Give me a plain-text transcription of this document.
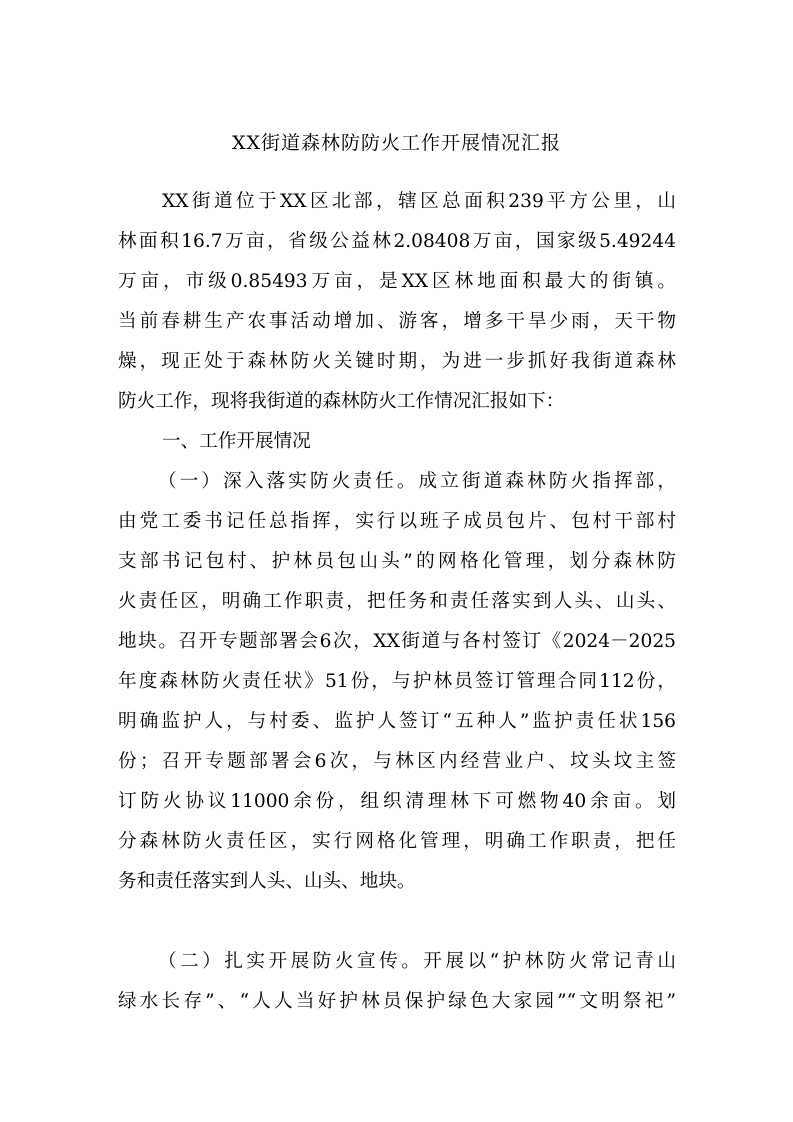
XX街道森林防防火工作开展情况汇报
XX街道位于XX区北部，辖区总面积239平方公里，山
林面积16.7万亩，省级公益林2.08408万亩，国家级5.49244
万亩，市级0.85493万亩，是XX区林地面积最大的街镇。
当前春耕生产农事活动增加、游客，增多干旱少雨，天干物
燥，现正处于森林防火关键时期，为进一步抓好我街道森林
防火工作，现将我街道的森林防火工作情况汇报如下：
一、工作开展情况
（一）深入落实防火责任。成立街道森林防火指挥部，
由党工委书记任总指挥，实行以班子成员包片、包村干部村
支部书记包村、护林员包山头”的网格化管理，划分森林防
火责任区，明确工作职责，把任务和责任落实到人头、山头、
地块。召开专题部署会6次，XX街道与各村签订《2024－2025
年度森林防火责任状》51份，与护林员签订管理合同112份，
明确监护人，与村委、监护人签订“五种人”监护责任状156
份；召开专题部署会6次，与林区内经营业户、坟头坟主签
订防火协议11000余份，组织清理林下可燃物40余亩。划
分森林防火责任区，实行网格化管理，明确工作职责，把任
务和责任落实到人头、山头、地块。
（二）扎实开展防火宣传。开展以“护林防火常记青山
绿水长存”、“人人当好护林员保护绿色大家园”“文明祭祀”
